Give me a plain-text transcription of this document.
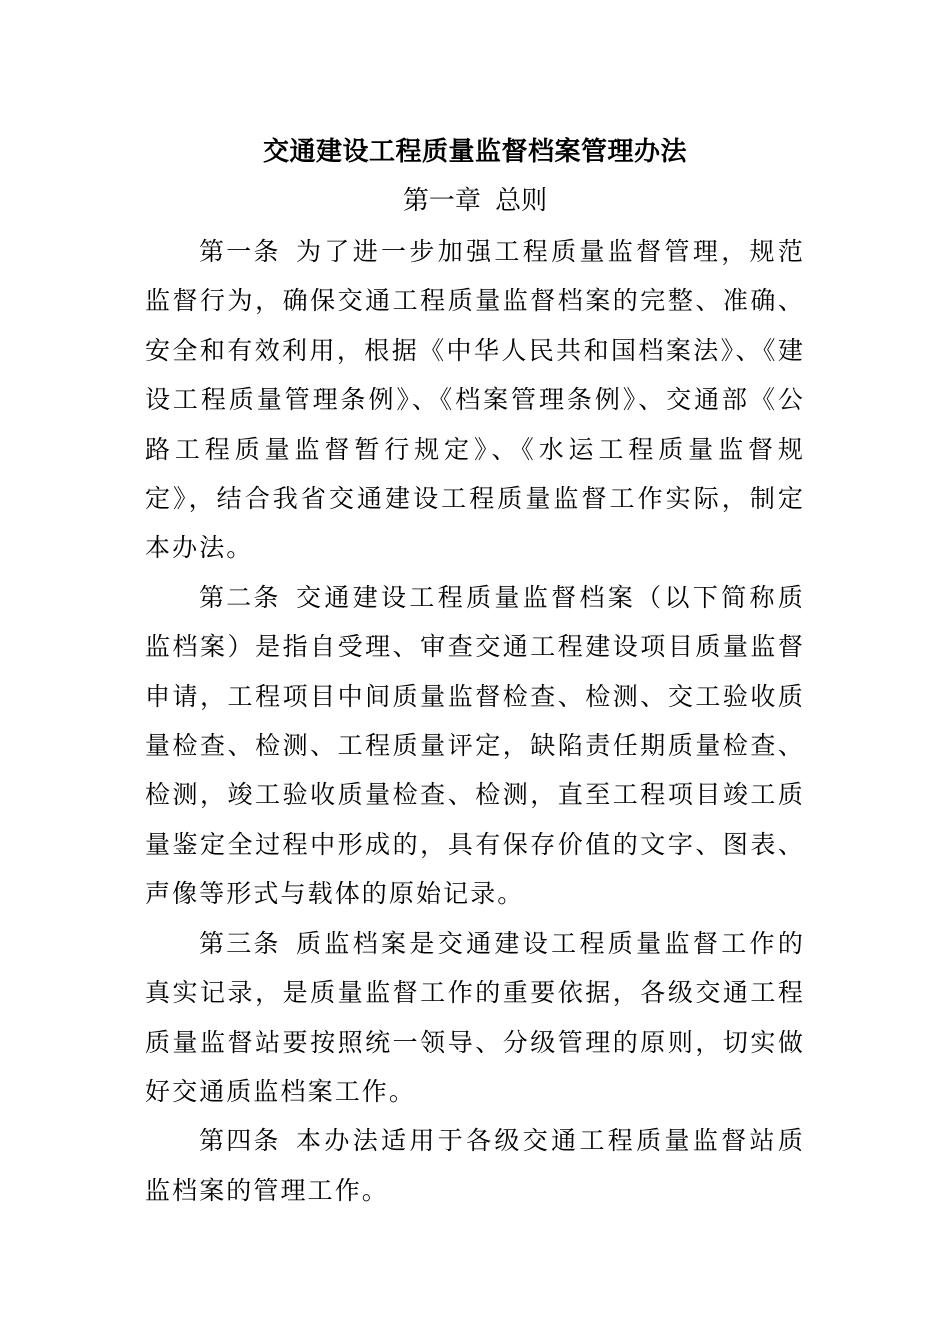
交通建设工程质量监督档案管理办法
第一章 总则

第一条 为了进一步加强工程质量监督管理，规范监督行为，确保交通工程质量监督档案的完整、准确、安全和有效利用，根据《中华人民共和国档案法》、《建设工程质量管理条例》、《档案管理条例》、交通部《公路工程质量监督暂行规定》、《水运工程质量监督规定》，结合我省交通建设工程质量监督工作实际，制定本办法。

第二条 交通建设工程质量监督档案（以下简称质监档案）是指自受理、审查交通工程建设项目质量监督申请，工程项目中间质量监督检查、检测、交工验收质量检查、检测、工程质量评定，缺陷责任期质量检查、检测，竣工验收质量检查、检测，直至工程项目竣工质量鉴定全过程中形成的，具有保存价值的文字、图表、声像等形式与载体的原始记录。

第三条 质监档案是交通建设工程质量监督工作的真实记录，是质量监督工作的重要依据，各级交通工程质量监督站要按照统一领导、分级管理的原则，切实做好交通质监档案工作。

第四条 本办法适用于各级交通工程质量监督站质监档案的管理工作。
